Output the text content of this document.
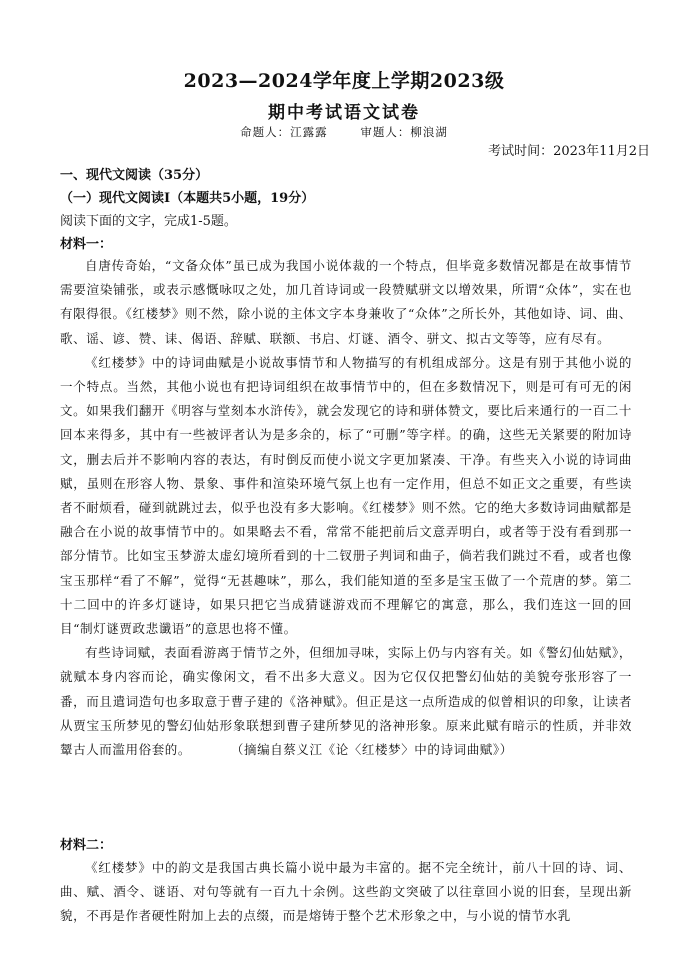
2023—2024学年度上学期2023级
期中考试语文试卷
命题人：江露露	审题人：柳浪湖
考试时间：2023年11月2日
一、现代文阅读（35分）
（一）现代文阅读Ⅰ（本题共5小题，19分）
阅读下面的文字，完成1-5题。
材料一：

自唐传奇始，“文备众体”虽已成为我国小说体裁的一个特点，但毕竟多数情况都是在故事情节需要渲染铺张，或表示感慨咏叹之处，加几首诗词或一段赞赋骈文以增效果，所谓“众体”，实在也有限得很。《红楼梦》则不然，除小说的主体文字本身兼收了“众体”之所长外，其他如诗、词、曲、歌、谣、谚、赞、诔、偈语、辞赋、联额、书启、灯谜、酒令、骈文、拟古文等等，应有尽有。

《红楼梦》中的诗词曲赋是小说故事情节和人物描写的有机组成部分。这是有别于其他小说的一个特点。当然，其他小说也有把诗词组织在故事情节中的，但在多数情况下，则是可有可无的闲文。如果我们翻开《明容与堂刻本水浒传》，就会发现它的诗和骈体赞文，要比后来通行的一百二十回本来得多，其中有一些被评者认为是多余的，标了“可删”等字样。的确，这些无关紧要的附加诗文，删去后并不影响内容的表达，有时倒反而使小说文字更加紧凑、干净。有些夹入小说的诗词曲赋，虽则在形容人物、景象、事件和渲染环境气氛上也有一定作用，但总不如正文之重要，有些读者不耐烦看，碰到就跳过去，似乎也没有多大影响。《红楼梦》则不然。它的绝大多数诗词曲赋都是融合在小说的故事情节中的。如果略去不看，常常不能把前后文意弄明白，或者等于没有看到那一部分情节。比如宝玉梦游太虚幻境所看到的十二钗册子判词和曲子，倘若我们跳过不看，或者也像宝玉那样“看了不解”，觉得“无甚趣味”，那么，我们能知道的至多是宝玉做了一个荒唐的梦。第二十二回中的许多灯谜诗，如果只把它当成猜谜游戏而不理解它的寓意，那么，我们连这一回的回目“制灯谜贾政悲谶语”的意思也将不懂。

有些诗词赋，表面看游离于情节之外，但细加寻味，实际上仍与内容有关。如《警幻仙姑赋》，就赋本身内容而论，确实像闲文，看不出多大意义。因为它仅仅把警幻仙姑的美貌夸张形容了一番，而且遣词造句也多取意于曹子建的《洛神赋》。但正是这一点所造成的似曾相识的印象，让读者从贾宝玉所梦见的警幻仙姑形象联想到曹子建所梦见的洛神形象。原来此赋有暗示的性质，并非效颦古人而滥用俗套的。　　　　（摘编自蔡义江《论〈红楼梦〉中的诗词曲赋》）

材料二：

《红楼梦》中的韵文是我国古典长篇小说中最为丰富的。据不完全统计，前八十回的诗、词、曲、赋、酒令、谜语、对句等就有一百九十余例。这些韵文突破了以往章回小说的旧套，呈现出新貌，不再是作者硬性附加上去的点缀，而是熔铸于整个艺术形象之中，与小说的情节水乳
